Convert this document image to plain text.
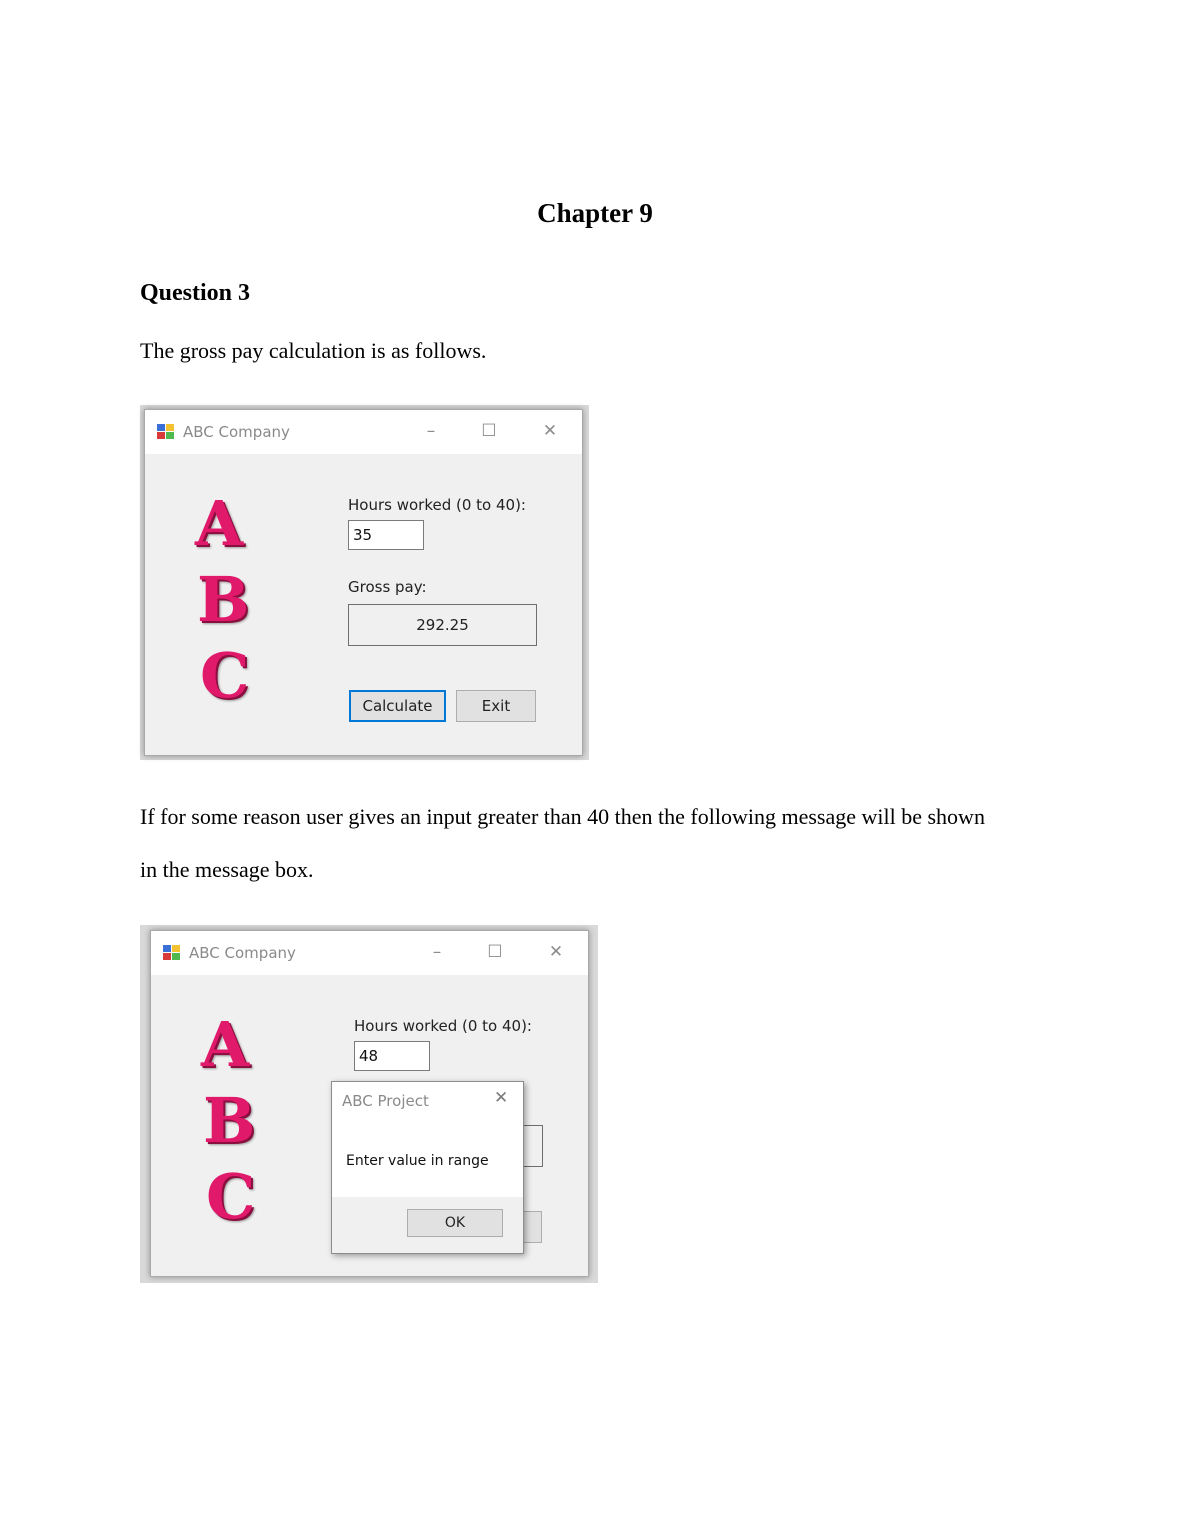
Chapter 9
Question 3
The gross pay calculation is as follows.
ABC Company	–	☐	✕
A
B
C
Hours worked (0 to 40):
35
Gross pay:
292.25
Calculate	Exit
If for some reason user gives an input greater than 40 then the following message will be shown
in the message box.
ABC Company	–	☐	✕
A
B
C
Hours worked (0 to 40):
48
ABC Project	✕
Enter value in range
OK
